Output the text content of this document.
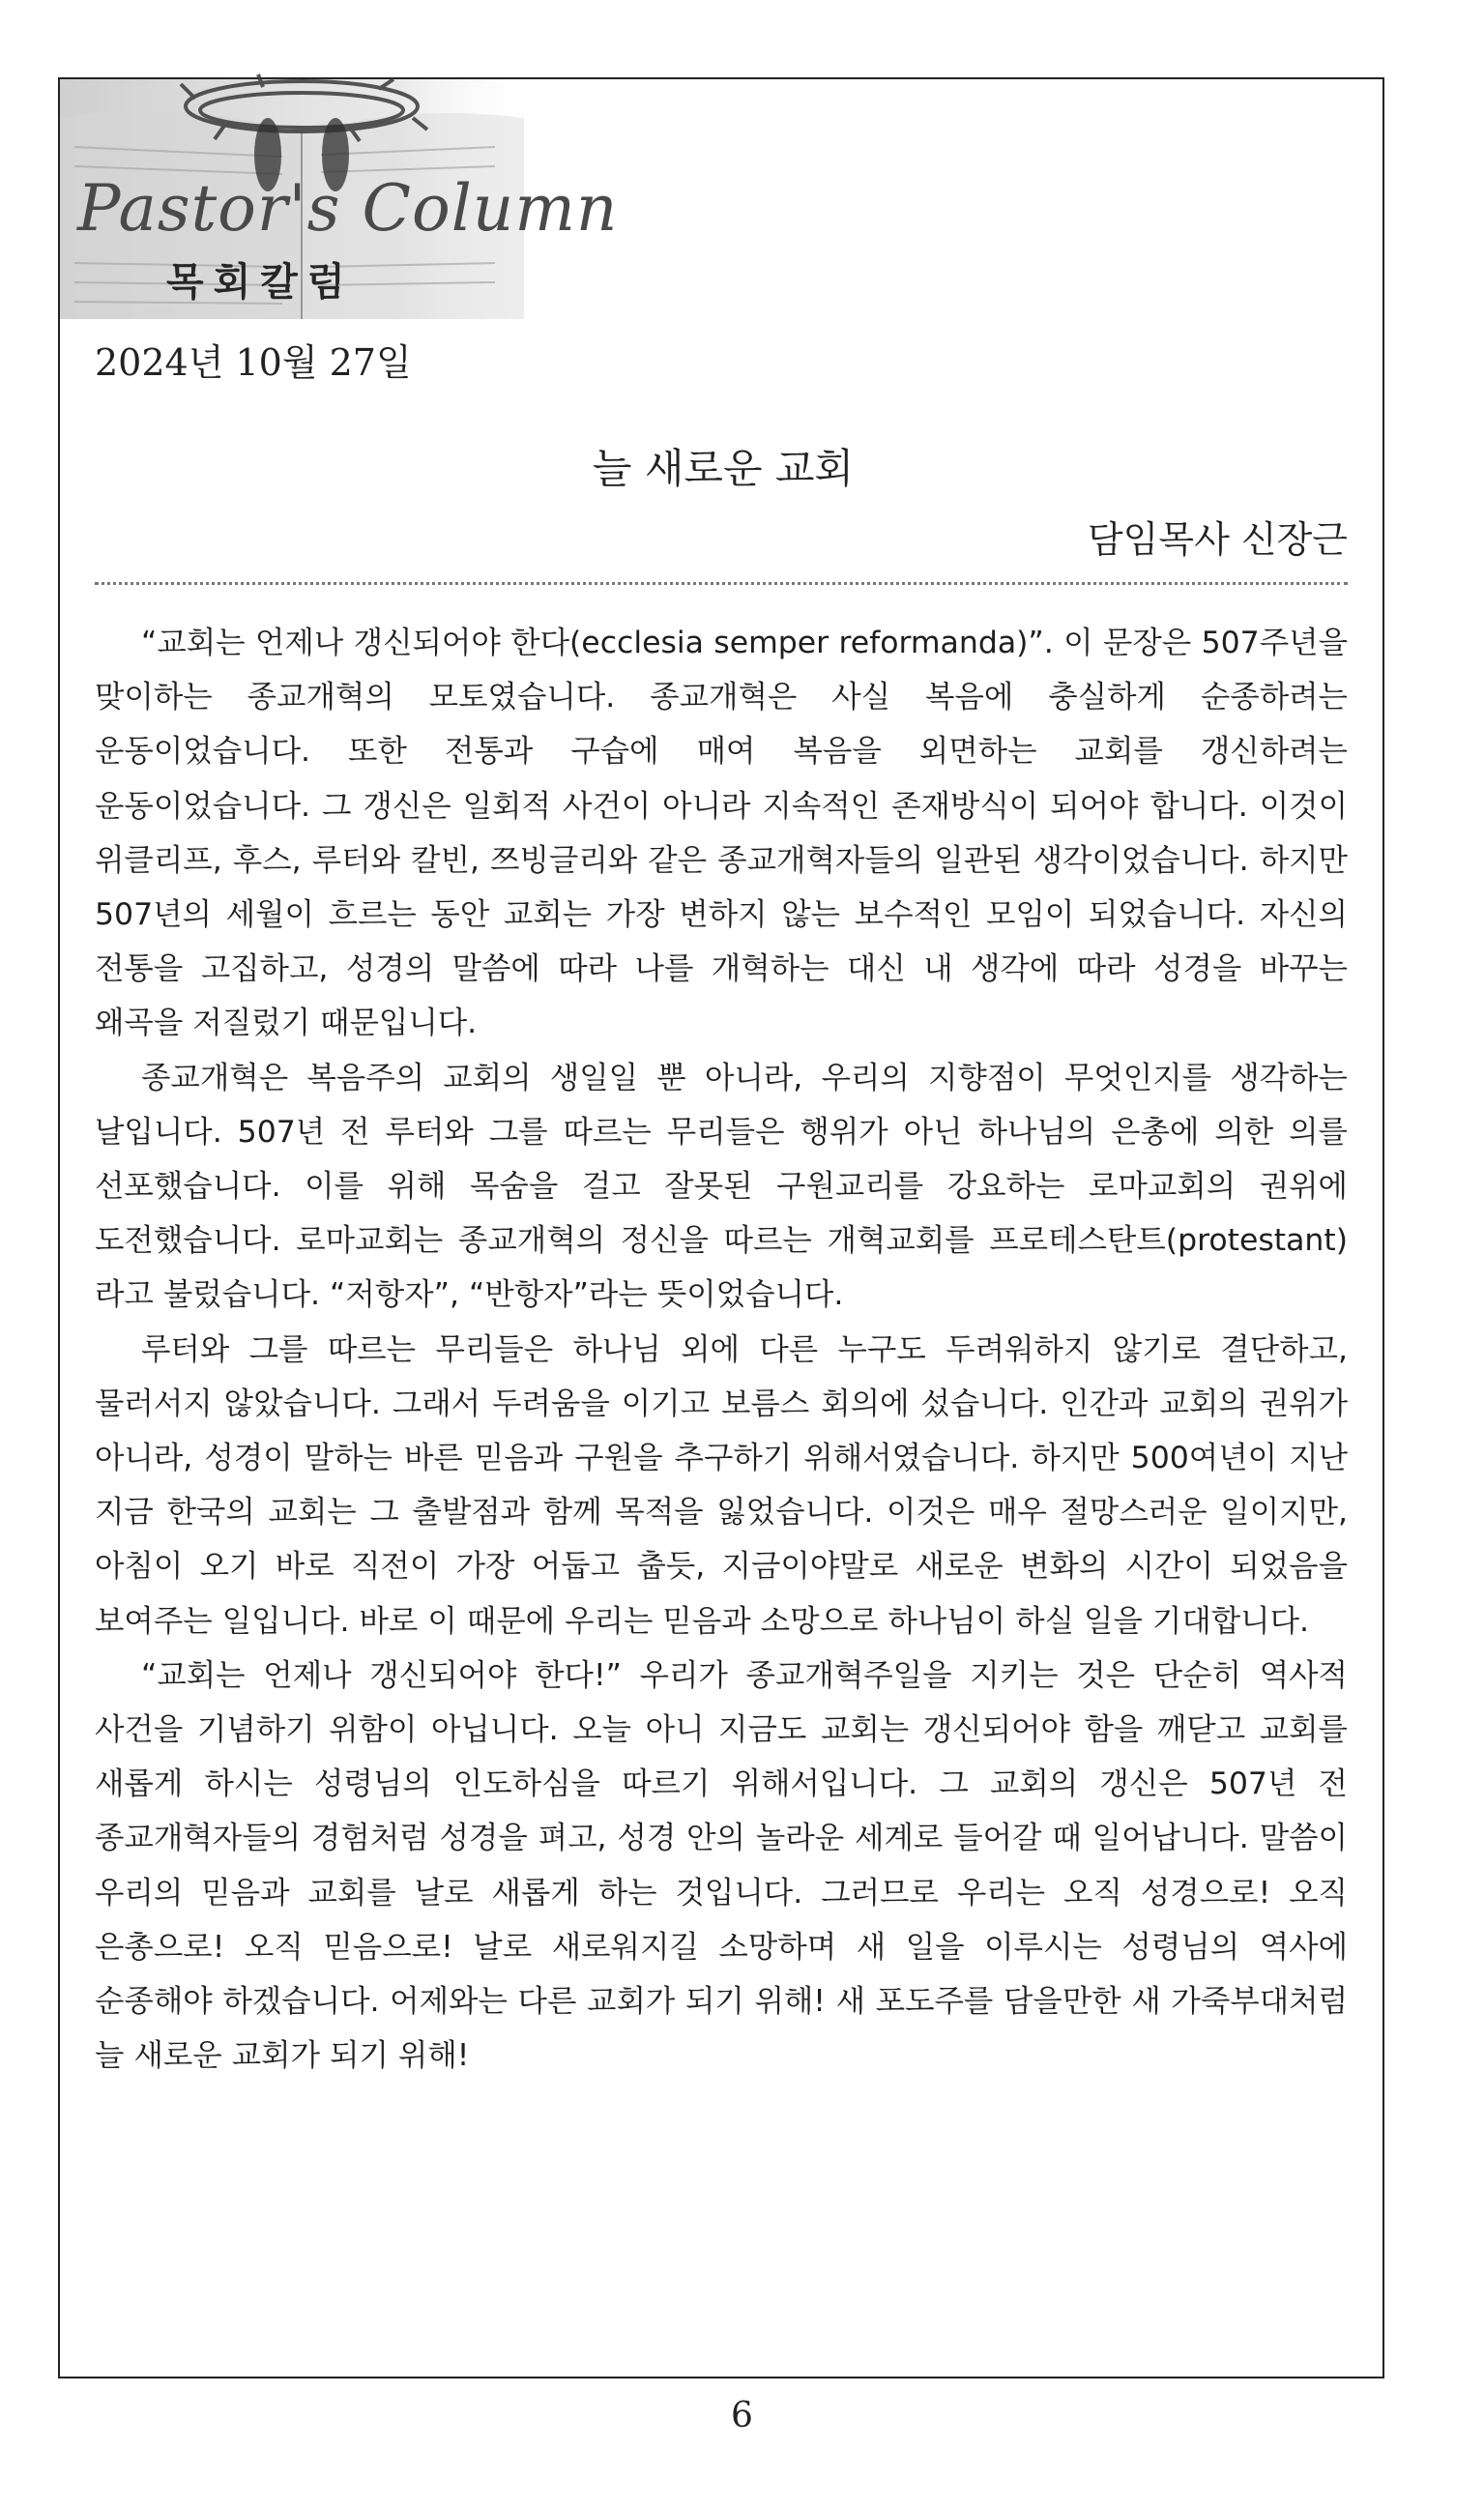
Pastor's Column
목회칼럼
2024년 10월 27일
늘 새로운 교회
담임목사 신장근

“교회는 언제나 갱신되어야 한다(ecclesia semper reformanda)”. 이 문장은 507주년을 맞이하는 종교개혁의 모토였습니다. 종교개혁은 사실 복음에 충실하게 순종하려는 운동이었습니다. 또한 전통과 구습에 매여 복음을 외면하는 교회를 갱신하려는 운동이었습니다. 그 갱신은 일회적 사건이 아니라 지속적인 존재방식이 되어야 합니다. 이것이 위클리프, 후스, 루터와 칼빈, 쯔빙글리와 같은 종교개혁자들의 일관된 생각이었습니다. 하지만 507년의 세월이 흐르는 동안 교회는 가장 변하지 않는 보수적인 모임이 되었습니다. 자신의 전통을 고집하고, 성경의 말씀에 따라 나를 개혁하는 대신 내 생각에 따라 성경을 바꾸는 왜곡을 저질렀기 때문입니다.

종교개혁은 복음주의 교회의 생일일 뿐 아니라, 우리의 지향점이 무엇인지를 생각하는 날입니다. 507년 전 루터와 그를 따르는 무리들은 행위가 아닌 하나님의 은총에 의한 의를 선포했습니다. 이를 위해 목숨을 걸고 잘못된 구원교리를 강요하는 로마교회의 권위에 도전했습니다. 로마교회는 종교개혁의 정신을 따르는 개혁교회를 프로테스탄트(protestant)라고 불렀습니다. “저항자”, “반항자”라는 뜻이었습니다.

루터와 그를 따르는 무리들은 하나님 외에 다른 누구도 두려워하지 않기로 결단하고, 물러서지 않았습니다. 그래서 두려움을 이기고 보름스 회의에 섰습니다. 인간과 교회의 권위가 아니라, 성경이 말하는 바른 믿음과 구원을 추구하기 위해서였습니다. 하지만 500여년이 지난 지금 한국의 교회는 그 출발점과 함께 목적을 잃었습니다. 이것은 매우 절망스러운 일이지만, 아침이 오기 바로 직전이 가장 어둡고 춥듯, 지금이야말로 새로운 변화의 시간이 되었음을 보여주는 일입니다. 바로 이 때문에 우리는 믿음과 소망으로 하나님이 하실 일을 기대합니다.

“교회는 언제나 갱신되어야 한다!” 우리가 종교개혁주일을 지키는 것은 단순히 역사적 사건을 기념하기 위함이 아닙니다. 오늘 아니 지금도 교회는 갱신되어야 함을 깨닫고 교회를 새롭게 하시는 성령님의 인도하심을 따르기 위해서입니다. 그 교회의 갱신은 507년 전 종교개혁자들의 경험처럼 성경을 펴고, 성경 안의 놀라운 세계로 들어갈 때 일어납니다. 말씀이 우리의 믿음과 교회를 날로 새롭게 하는 것입니다. 그러므로 우리는 오직 성경으로! 오직 은총으로! 오직 믿음으로! 날로 새로워지길 소망하며 새 일을 이루시는 성령님의 역사에 순종해야 하겠습니다. 어제와는 다른 교회가 되기 위해! 새 포도주를 담을만한 새 가죽부대처럼 늘 새로운 교회가 되기 위해!

6
